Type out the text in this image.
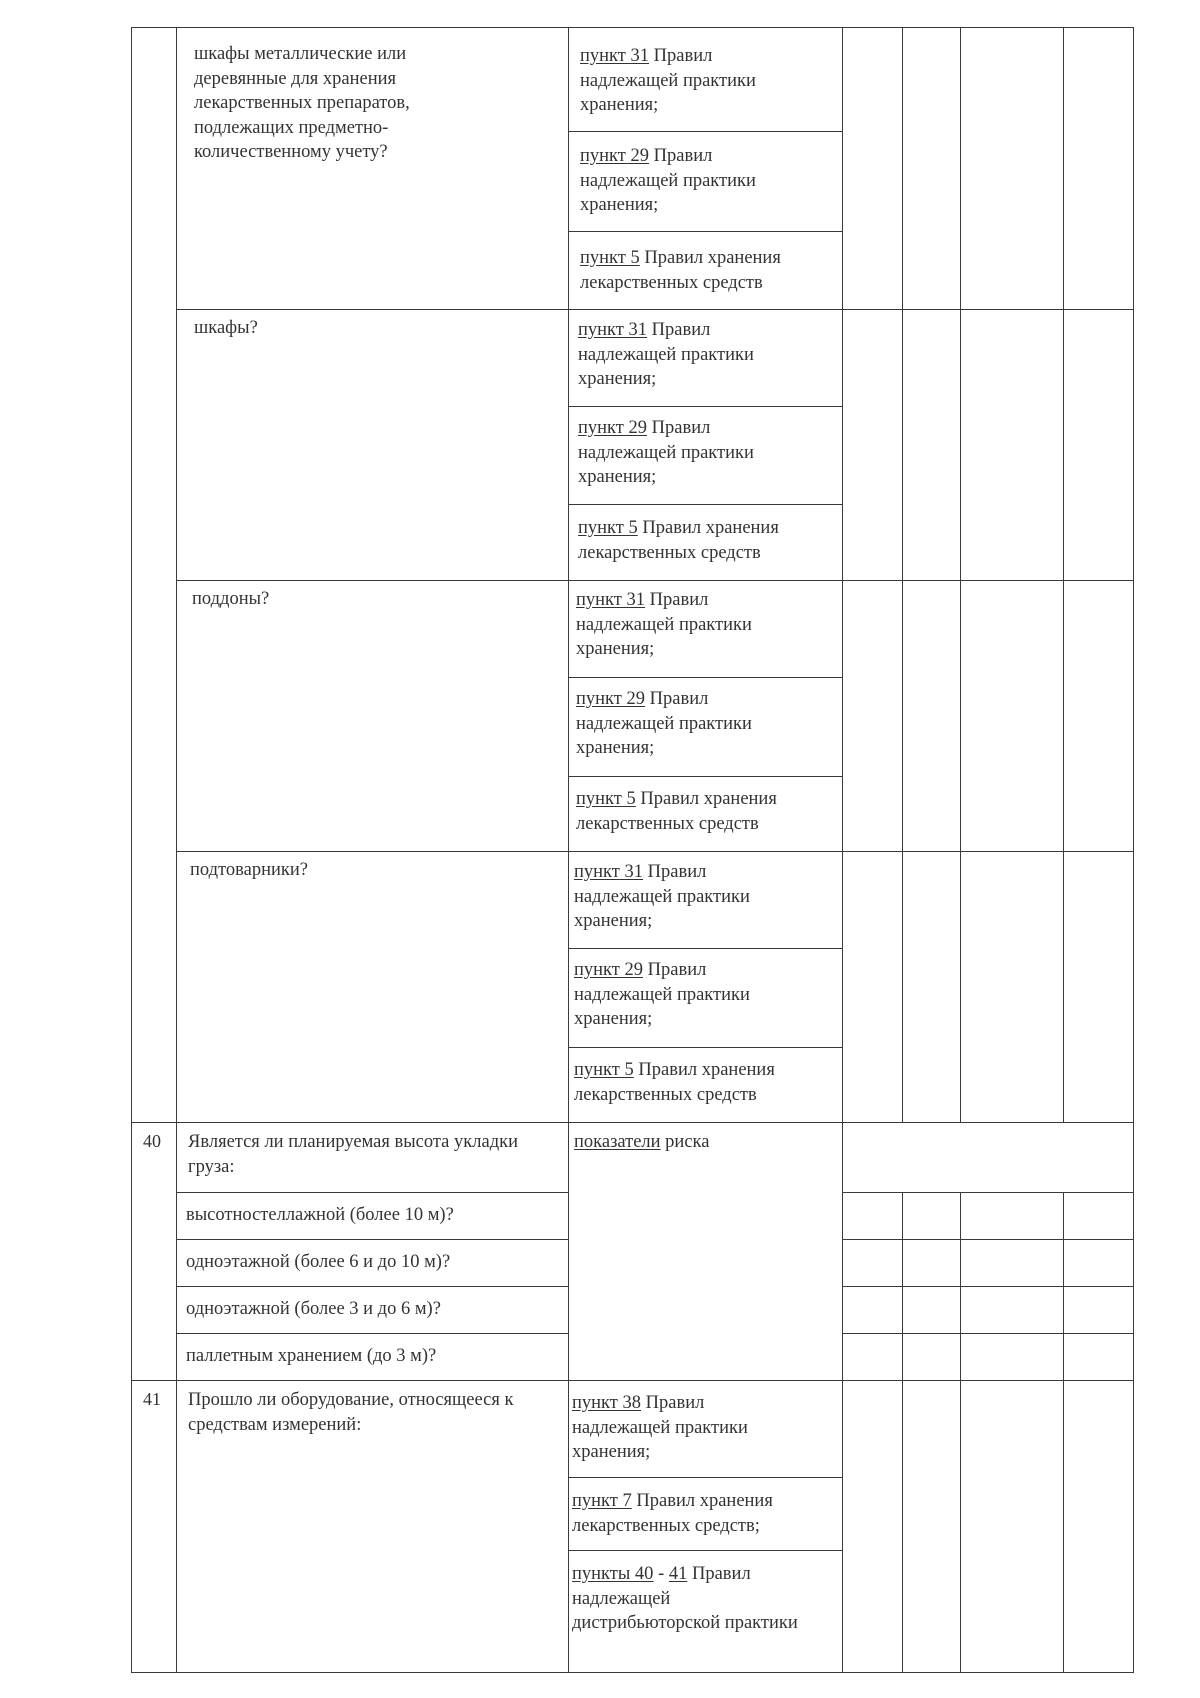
шкафы металлические или деревянные для хранения лекарственных препаратов, подлежащих предметно-количественному учету?
шкафы?
поддоны?
подтоварники?
пункт 31 Правил надлежащей практики хранения;
пункт 29 Правил надлежащей практики хранения;
пункт 5 Правил хранения лекарственных средств
пункт 31 Правил надлежащей практики хранения;
пункт 29 Правил надлежащей практики хранения;
пункт 5 Правил хранения лекарственных средств
пункт 31 Правил надлежащей практики хранения;
пункт 29 Правил надлежащей практики хранения;
пункт 5 Правил хранения лекарственных средств
пункт 31 Правил надлежащей практики хранения;
пункт 29 Правил надлежащей практики хранения;
пункт 5 Правил хранения лекарственных средств
40 Является ли планируемая высота укладки груза:
показатели риска
высотностеллажной (более 10 м)?
одноэтажной (более 6 и до 10 м)?
одноэтажной (более 3 и до 6 м)?
паллетным хранением (до 3 м)?
41 Прошло ли оборудование, относящееся к средствам измерений:
пункт 38 Правил надлежащей практики хранения;
пункт 7 Правил хранения лекарственных средств;
пункты 40 - 41 Правил надлежащей дистрибьюторской практики
